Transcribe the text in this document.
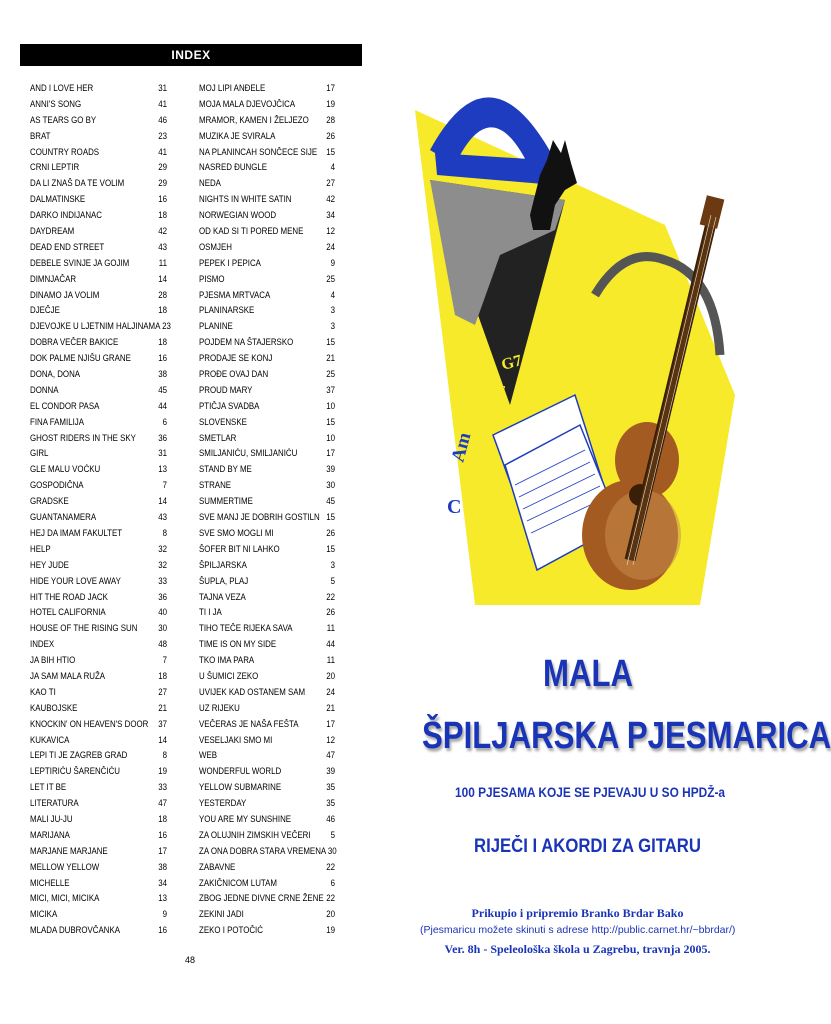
INDEX
AND I LOVE HER	31
ANNI'S SONG	41
AS TEARS GO BY	46
BRAT	23
COUNTRY ROADS	41
CRNI LEPTIR	29
DA LI ZNAŠ DA TE VOLIM	29
DALMATINSKE	16
DARKO INDIJANAC	18
DAYDREAM	42
DEAD END STREET	43
DEBELE SVINJE JA GOJIM	11
DIMNJAČAR	14
DINAMO JA VOLIM	28
DJEČJE	18
DJEVOJKE U LJETNIM HALJINAMA 23
DOBRA VEČER BAKICE	18
DOK PALME NJIŠU GRANE	16
DONA, DONA	38
DONNA	45
EL CONDOR PASA	44
FINA FAMILIJA	6
GHOST RIDERS IN THE SKY 36
GIRL	31
GLE MALU VOĆKU	13
GOSPODIČNA	7
GRADSKE	14
GUANTANAMERA	43
HEJ DA IMAM FAKULTET	8
HELP	32
HEY JUDE	32
HIDE YOUR LOVE AWAY	33
HIT THE ROAD JACK	36
HOTEL CALIFORNIA	40
HOUSE OF THE RISING SUN 30
INDEX	48
JA BIH HTIO	7
JA SAM MALA RUŽA	18
KAO TI	27
KAUBOJSKE	21
KNOCKIN' ON HEAVEN'S DOOR 37
KUKAVICA	14
LEPI TI JE ZAGREB GRAD	8
LEPTIRIĆU ŠARENČIĆU	19
LET IT BE	33
LITERATURA	47
MALI JU-JU	18
MARIJANA	16
MARJANE MARJANE	17
MELLOW YELLOW	38
MICHELLE	34
MICI, MICI, MICIKA	13
MICIKA	9
MLADA DUBROVČANKA	16
MOJ LIPI ANĐELE	17
MOJA MALA DJEVOJČICA	19
MRAMOR, KAMEN I ŽELJEZO 28
MUZIKA JE SVIRALA	26
NA PLANINCAH SONČECE SIJE 15
NASRED ĐUNGLE	4
NEDA	27
NIGHTS IN WHITE SATIN	42
NORWEGIAN WOOD	34
OD KAD SI TI PORED MENE 12
OSMJEH	24
PEPEK I PEPICA	9
PISMO	25
PJESMA MRTVACA	4
PLANINARSKE	3
PLANINE	3
POJDEM NA ŠTAJERSKO	15
PRODAJE SE KONJ	21
PROĐE OVAJ DAN	25
PROUD MARY	37
PTIČJA SVADBA	10
SLOVENSKE	15
SMETLAR	10
SMILJANIĆU, SMILJANIĆU	17
STAND BY ME	39
STRANE	30
SUMMERTIME	45
SVE MANJ JE DOBRIH GOSTILN 15
SVE SMO MOGLI MI	26
ŠOFER BIT NI LAHKO	15
ŠPILJARSKA	3
ŠUPLA, PLAJ	5
TAJNA VEZA	22
TI I JA	26
TIHO TEČE RIJEKA SAVA	11
TIME IS ON MY SIDE	44
TKO IMA PARA	11
U ŠUMICI ZEKO	20
UVIJEK KAD OSTANEM SAM 24
UZ RIJEKU	21
VEČERAS JE NAŠA FEŠTA	17
VESELJAKI SMO MI	12
WEB	47
WONDERFUL WORLD	39
YELLOW SUBMARINE	35
YESTERDAY	35
YOU ARE MY SUNSHINE	46
ZA OLUJNIH ZIMSKIH VEČERI 5
ZA ONA DOBRA STARA VREMENA 30
ZABAVNE	22
ZAKIČNICOM LUTAM	6
ZBOG JEDNE DIVNE CRNE ŽENE 22
ZEKINI JADI	20
ZEKO I POTOČIĆ	19
48
C
Am
F
G7
MALA
ŠPILJARSKA PJESMARICA
100 PJESAMA KOJE SE PJEVAJU U SO HPDŽ-a
RIJEČI I AKORDI ZA GITARU
Prikupio i pripremio Branko Brdar Bako
(Pjesmaricu možete skinuti s adrese http://public.carnet.hr/~bbrdar/)
Ver. 8h - Speleološka škola u Zagrebu, travnja 2005.
